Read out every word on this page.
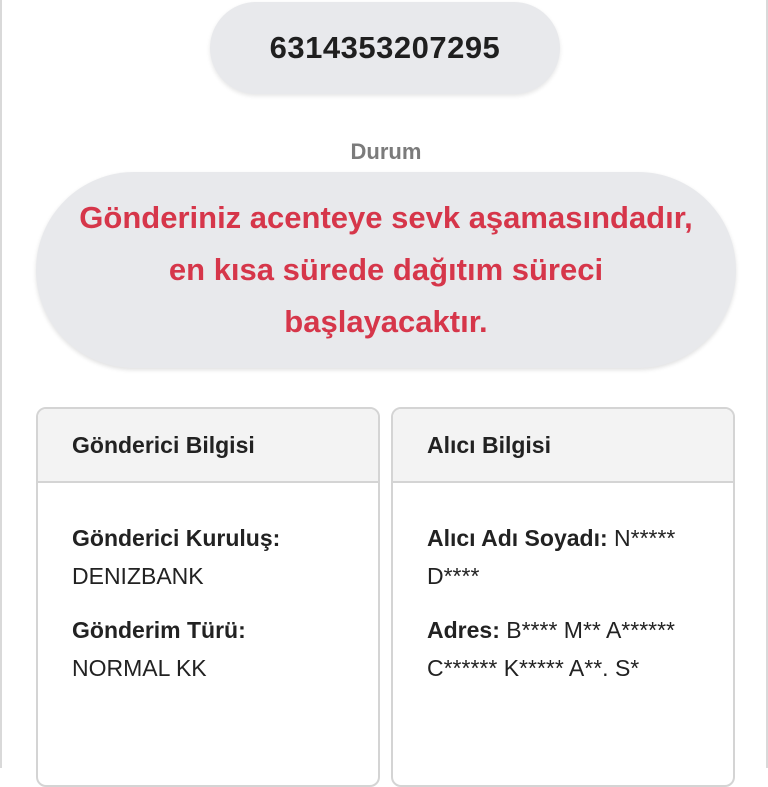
6314353207295
Durum
Gönderiniz acenteye sevk aşamasındadır, en kısa sürede dağıtım süreci başlayacaktır.
Gönderici Bilgisi
Gönderici Kuruluş:
DENIZBANK
Gönderim Türü:
NORMAL KK
Alıcı Bilgisi
Alıcı Adı Soyadı: N***** D****
Adres: B**** M** A****** C****** K***** A**. S*
